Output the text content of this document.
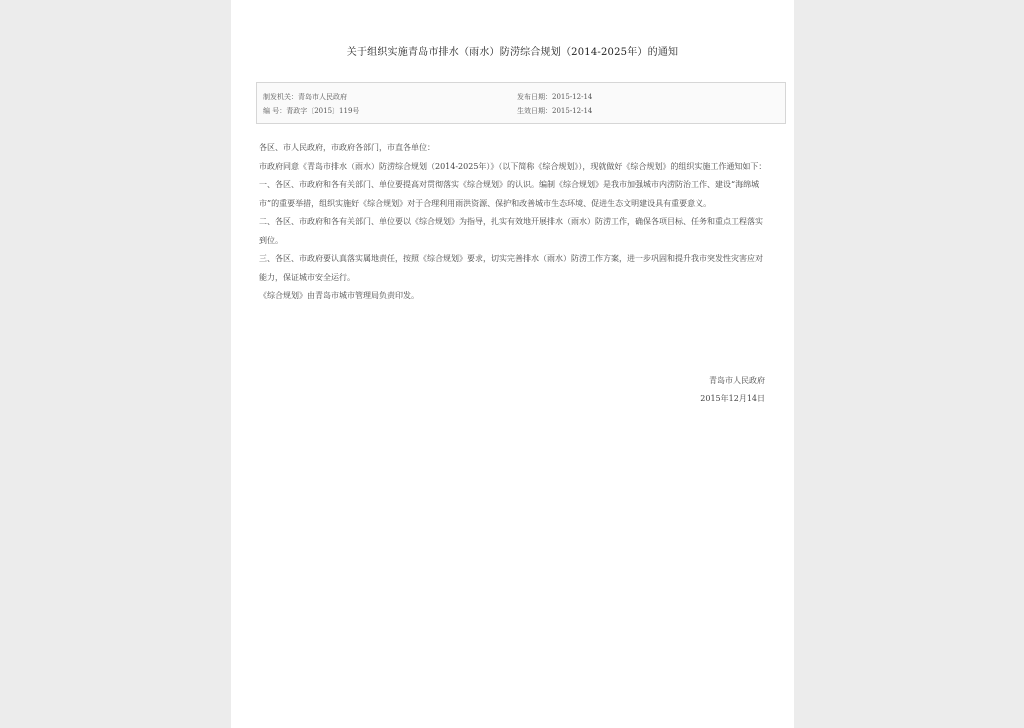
关于组织实施青岛市排水（雨水）防涝综合规划（2014-2025年）的通知
制发机关：青岛市人民政府	发布日期：2015-12-14
编 号：青政字〔2015〕119号	生效日期：2015-12-14

各区、市人民政府，市政府各部门，市直各单位：

市政府同意《青岛市排水（雨水）防涝综合规划（2014-2025年）》（以下简称《综合规划》），现就做好《综合规划》的组织实施工作通知如下：

一、各区、市政府和各有关部门、单位要提高对贯彻落实《综合规划》的认识。编制《综合规划》是我市加强城市内涝防治工作、建设“海绵城市”的重要举措，组织实施好《综合规划》对于合理利用雨洪资源、保护和改善城市生态环境、促进生态文明建设具有重要意义。

二、各区、市政府和各有关部门、单位要以《综合规划》为指导，扎实有效地开展排水（雨水）防涝工作，确保各项目标、任务和重点工程落实到位。

三、各区、市政府要认真落实属地责任，按照《综合规划》要求，切实完善排水（雨水）防涝工作方案，进一步巩固和提升我市突发性灾害应对能力，保证城市安全运行。

《综合规划》由青岛市城市管理局负责印发。

青岛市人民政府
2015年12月14日
